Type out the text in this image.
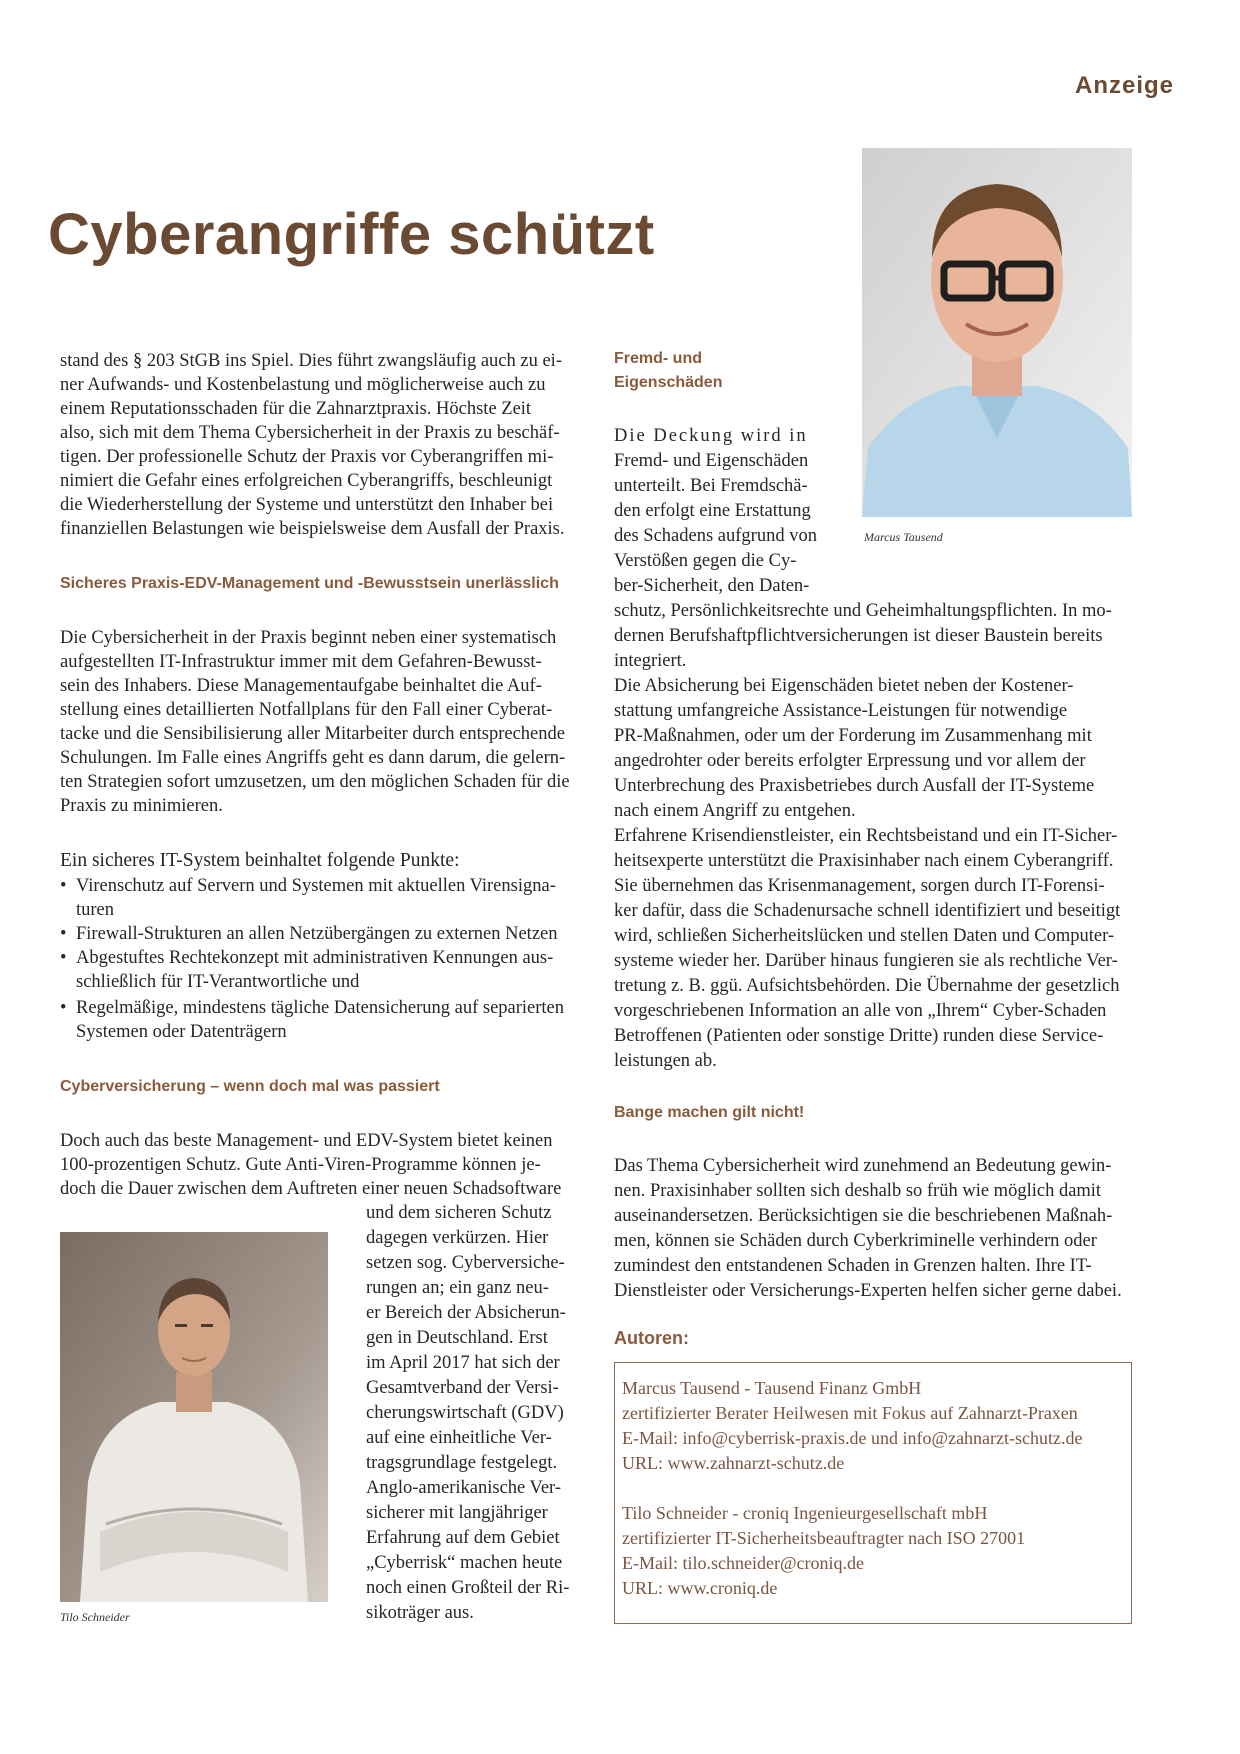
Anzeige
Cyberangriffe schützt
stand des § 203 StGB ins Spiel. Dies führt zwangsläufig auch zu ei-
ner Aufwands- und Kostenbelastung und möglicherweise auch zu
einem Reputationsschaden für die Zahnarztpraxis. Höchste Zeit
also, sich mit dem Thema Cybersicherheit in der Praxis zu beschäf-
tigen. Der professionelle Schutz der Praxis vor Cyberangriffen mi-
nimiert die Gefahr eines erfolgreichen Cyberangriffs, beschleunigt
die Wiederherstellung der Systeme und unterstützt den Inhaber bei
finanziellen Belastungen wie beispielsweise dem Ausfall der Praxis.
Sicheres Praxis-EDV-Management und -Bewusstsein unerlässlich
Die Cybersicherheit in der Praxis beginnt neben einer systematisch
aufgestellten IT-Infrastruktur immer mit dem Gefahren-Bewusst-
sein des Inhabers. Diese Managementaufgabe beinhaltet die Auf-
stellung eines detaillierten Notfallplans für den Fall einer Cyberat-
tacke und die Sensibilisierung aller Mitarbeiter durch entsprechende
Schulungen. Im Falle eines Angriffs geht es dann darum, die gelern-
ten Strategien sofort umzusetzen, um den möglichen Schaden für die
Praxis zu minimieren.
Ein sicheres IT-System beinhaltet folgende Punkte:
• Virenschutz auf Servern und Systemen mit aktuellen Virensigna-
turen
• Firewall-Strukturen an allen Netzübergängen zu externen Netzen
• Abgestuftes Rechtekonzept mit administrativen Kennungen aus-
schließlich für IT-Verantwortliche und
• Regelmäßige, mindestens tägliche Datensicherung auf separierten
Systemen oder Datenträgern
Cyberversicherung – wenn doch mal was passiert
Doch auch das beste Management- und EDV-System bietet keinen
100-prozentigen Schutz. Gute Anti-Viren-Programme können je-
doch die Dauer zwischen dem Auftreten einer neuen Schadsoftware
und dem sicheren Schutz
dagegen verkürzen. Hier
setzen sog. Cyberversiche-
rungen an; ein ganz neu-
er Bereich der Absicherun-
gen in Deutschland. Erst
im April 2017 hat sich der
Gesamtverband der Versi-
cherungswirtschaft (GDV)
auf eine einheitliche Ver-
tragsgrundlage festgelegt.
Anglo-amerikanische Ver-
sicherer mit langjähriger
Erfahrung auf dem Gebiet
„Cyberrisk“ machen heute
noch einen Großteil der Ri-
sikoträger aus.
Tilo Schneider
Fremd- und
Eigenschäden
Marcus Tausend
Die Deckung wird in
Fremd- und Eigenschäden
unterteilt. Bei Fremdschä-
den erfolgt eine Erstattung
des Schadens aufgrund von
Verstößen gegen die Cy-
ber-Sicherheit, den Daten-
schutz, Persönlichkeitsrechte und Geheimhaltungspflichten. In mo-
dernen Berufshaftpflichtversicherungen ist dieser Baustein bereits
integriert.
Die Absicherung bei Eigenschäden bietet neben der Kostener-
stattung umfangreiche Assistance-Leistungen für notwendige
PR-Maßnahmen, oder um der Forderung im Zusammenhang mit
angedrohter oder bereits erfolgter Erpressung und vor allem der
Unterbrechung des Praxisbetriebes durch Ausfall der IT-Systeme
nach einem Angriff zu entgehen.
Erfahrene Krisendienstleister, ein Rechtsbeistand und ein IT-Sicher-
heitsexperte unterstützt die Praxisinhaber nach einem Cyberangriff.
Sie übernehmen das Krisenmanagement, sorgen durch IT-Forensi-
ker dafür, dass die Schadenursache schnell identifiziert und beseitigt
wird, schließen Sicherheitslücken und stellen Daten und Computer-
systeme wieder her. Darüber hinaus fungieren sie als rechtliche Ver-
tretung z. B. ggü. Aufsichtsbehörden. Die Übernahme der gesetzlich
vorgeschriebenen Information an alle von „Ihrem“ Cyber-Schaden
Betroffenen (Patienten oder sonstige Dritte) runden diese Service-
leistungen ab.
Bange machen gilt nicht!
Das Thema Cybersicherheit wird zunehmend an Bedeutung gewin-
nen. Praxisinhaber sollten sich deshalb so früh wie möglich damit
auseinandersetzen. Berücksichtigen sie die beschriebenen Maßnah-
men, können sie Schäden durch Cyberkriminelle verhindern oder
zumindest den entstandenen Schaden in Grenzen halten. Ihre IT-
Dienstleister oder Versicherungs-Experten helfen sicher gerne dabei.
Autoren:
Marcus Tausend - Tausend Finanz GmbH
zertifizierter Berater Heilwesen mit Fokus auf Zahnarzt-Praxen
E-Mail: info@cyberrisk-praxis.de und info@zahnarzt-schutz.de
URL: www.zahnarzt-schutz.de
Tilo Schneider - croniq Ingenieurgesellschaft mbH
zertifizierter IT-Sicherheitsbeauftragter nach ISO 27001
E-Mail: tilo.schneider@croniq.de
URL: www.croniq.de
